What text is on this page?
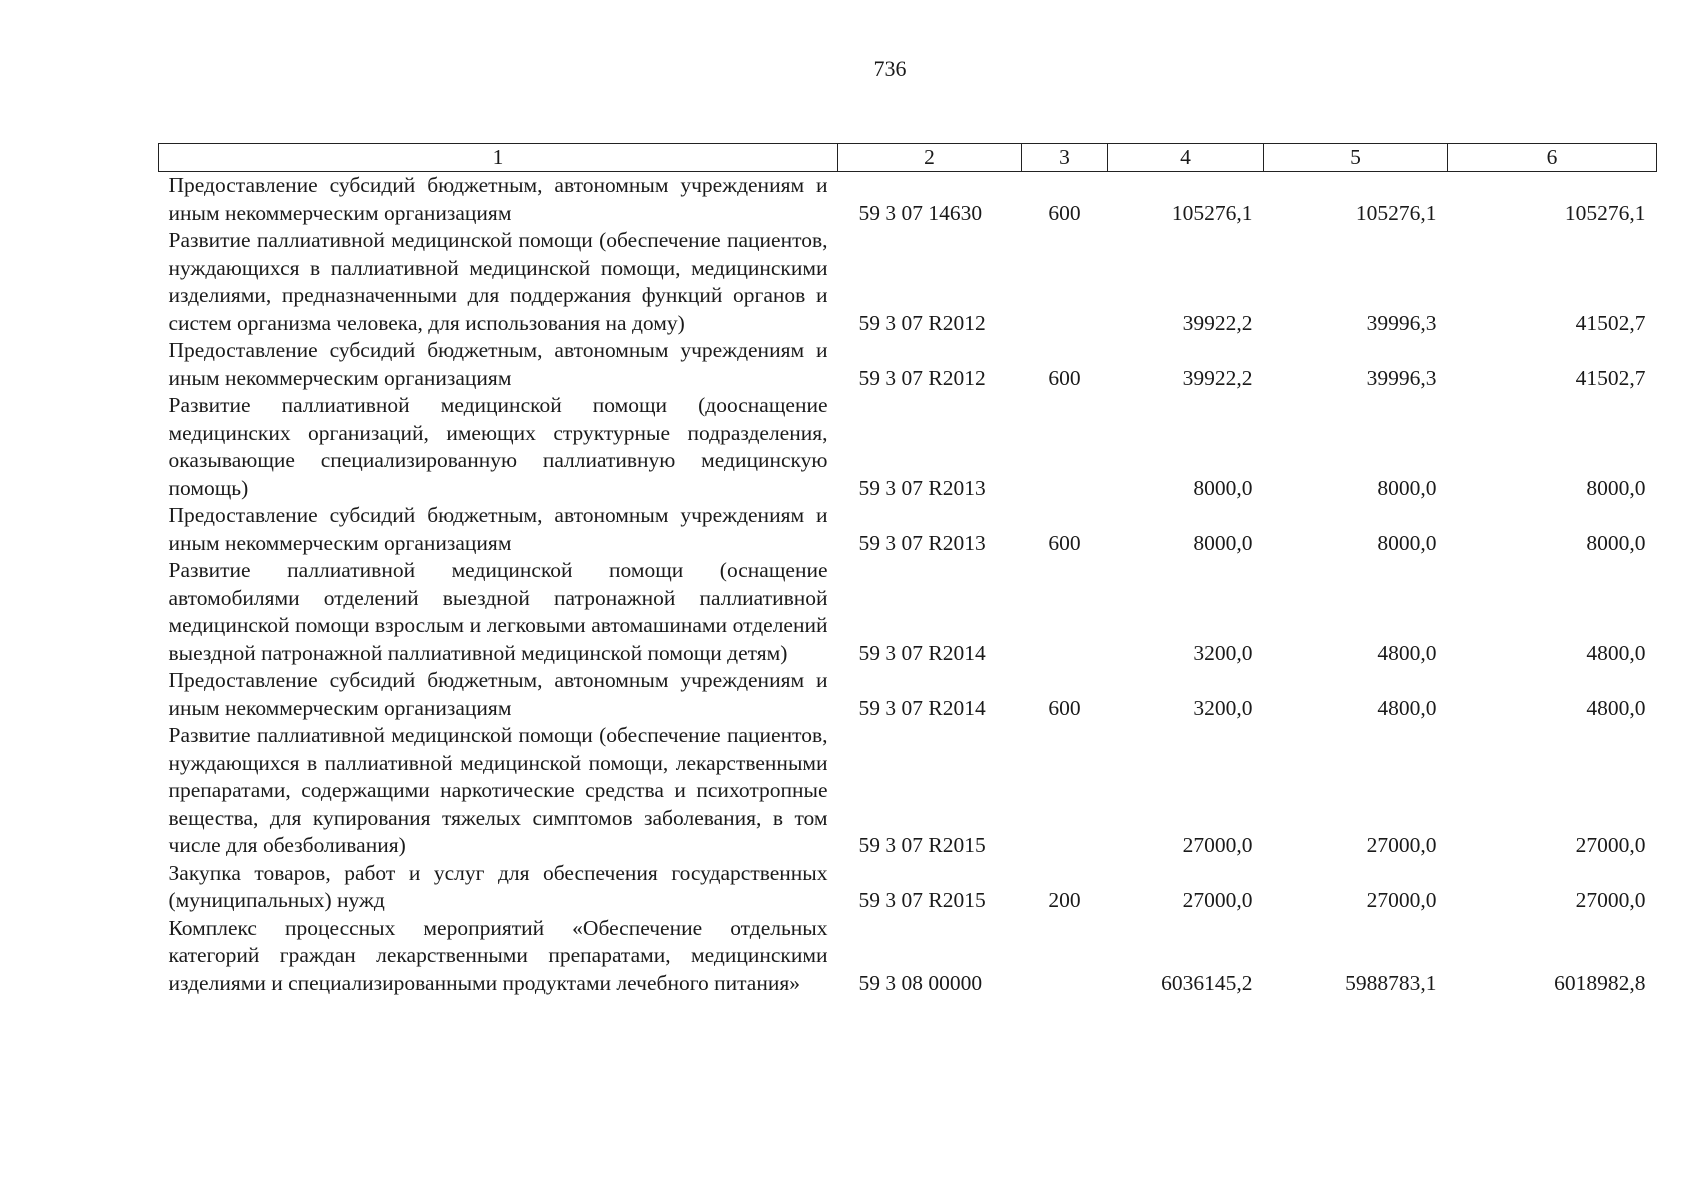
736
1	2	3	4	5	6
Предоставление субсидий бюджетным, автономным учреждениям и иным некоммерческим организациям	59 3 07 14630	600	105276,1	105276,1	105276,1
Развитие паллиативной медицинской помощи (обеспечение пациентов, нуждающихся в паллиативной медицинской помощи, медицинскими изделиями, предназначенными для поддержания функций органов и систем организма человека, для использования на дому)	59 3 07 R2012		39922,2	39996,3	41502,7
Предоставление субсидий бюджетным, автономным учреждениям и иным некоммерческим организациям	59 3 07 R2012	600	39922,2	39996,3	41502,7
Развитие паллиативной медицинской помощи (дооснащение медицинских организаций, имеющих структурные подразделения, оказывающие специализированную паллиативную медицинскую помощь)	59 3 07 R2013		8000,0	8000,0	8000,0
Предоставление субсидий бюджетным, автономным учреждениям и иным некоммерческим организациям	59 3 07 R2013	600	8000,0	8000,0	8000,0
Развитие паллиативной медицинской помощи (оснащение автомобилями отделений выездной патронажной паллиативной медицинской помощи взрослым и легковыми автомашинами отделений выездной патронажной паллиативной медицинской помощи детям)	59 3 07 R2014		3200,0	4800,0	4800,0
Предоставление субсидий бюджетным, автономным учреждениям и иным некоммерческим организациям	59 3 07 R2014	600	3200,0	4800,0	4800,0
Развитие паллиативной медицинской помощи (обеспечение пациентов, нуждающихся в паллиативной медицинской помощи, лекарственными препаратами, содержащими наркотические средства и психотропные вещества, для купирования тяжелых симптомов заболевания, в том числе для обезболивания)	59 3 07 R2015		27000,0	27000,0	27000,0
Закупка товаров, работ и услуг для обеспечения государственных (муниципальных) нужд	59 3 07 R2015	200	27000,0	27000,0	27000,0
Комплекс процессных мероприятий «Обеспечение отдельных категорий граждан лекарственными препаратами, медицинскими изделиями и специализированными продуктами лечебного питания»	59 3 08 00000		6036145,2	5988783,1	6018982,8
